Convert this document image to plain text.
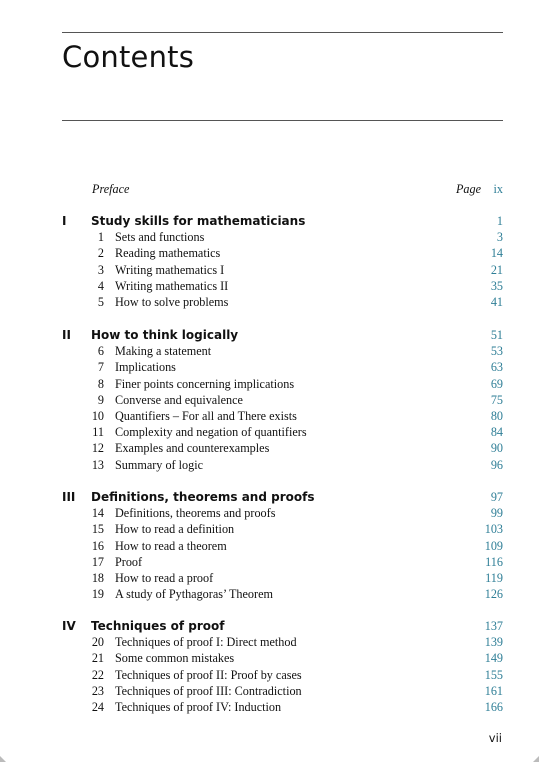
Contents
Preface	Page ix
I Study skills for mathematicians	1
1 Sets and functions	3
2 Reading mathematics	14
3 Writing mathematics I	21
4 Writing mathematics II	35
5 How to solve problems	41
II How to think logically	51
6 Making a statement	53
7 Implications	63
8 Finer points concerning implications	69
9 Converse and equivalence	75
10 Quantifiers – For all and There exists	80
11 Complexity and negation of quantifiers	84
12 Examples and counterexamples	90
13 Summary of logic	96
III Definitions, theorems and proofs	97
14 Definitions, theorems and proofs	99
15 How to read a definition	103
16 How to read a theorem	109
17 Proof	116
18 How to read a proof	119
19 A study of Pythagoras’ Theorem	126
IV Techniques of proof	137
20 Techniques of proof I: Direct method	139
21 Some common mistakes	149
22 Techniques of proof II: Proof by cases	155
23 Techniques of proof III: Contradiction	161
24 Techniques of proof IV: Induction	166
vii
